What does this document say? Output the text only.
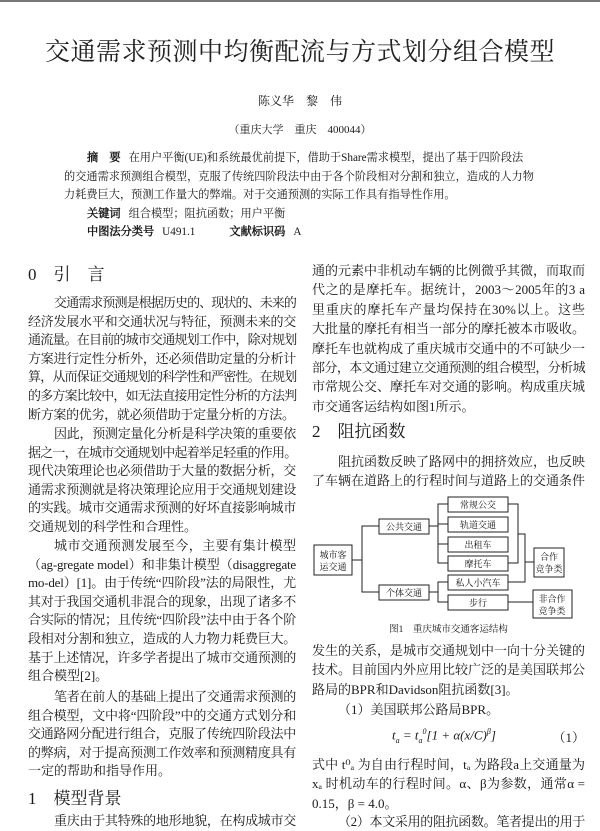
交通需求预测中均衡配流与方式划分组合模型
陈义华　黎　伟
（重庆大学　重庆　400044）
摘　要 在用户平衡(UE)和系统最优前提下，借助于Share需求模型，提出了基于四阶段法
的交通需求预测组合模型，克服了传统四阶段法中由于各个阶段相对分割和独立，造成的人力物
力耗费巨大，预测工作量大的弊端。对于交通预测的实际工作具有指导性作用。
关键词 组合模型；阻抗函数；用户平衡
中图法分类号 U491.1	文献标识码 A
0　引　言
交通需求预测是根据历史的、现状的、未来的
经济发展水平和交通状况与特征，预测未来的交
通流量。在目前的城市交通规划工作中，除对规划
方案进行定性分析外，还必须借助定量的分析计
算，从而保证交通规划的科学性和严密性。在规划
的多方案比较中，如无法直接用定性分析的方法判
断方案的优劣，就必须借助于定量分析的方法。
因此，预测定量化分析是科学决策的重要依
据之一，在城市交通规划中起着举足轻重的作用。
现代决策理论也必须借助于大量的数据分析，交
通需求预测就是将决策理论应用于交通规划建设
的实践。城市交通需求预测的好坏直接影响城市
交通规划的科学性和合理性。
城市交通预测发展至今，主要有集计模型
（ag-gregate model）和非集计模型（disaggregate
mo-del）[1]。由于传统“四阶段”法的局限性，尤
其对于我国交通机非混合的现象，出现了诸多不
合实际的情况；且传统“四阶段”法中由于各个阶
段相对分割和独立，造成的人力物力耗费巨大。
基于上述情况，许多学者提出了城市交通预测的
组合模型[2]。
笔者在前人的基础上提出了交通需求预测的
组合模型，文中将“四阶段”中的交通方式划分和
交通路网分配进行组合，克服了传统四阶段法中
的弊病，对于提高预测工作效率和预测精度具有
一定的帮助和指导作用。
1　模型背景
重庆由于其特殊的地形地貌，在构成城市交
通的元素中非机动车辆的比例微乎其微，而取而
代之的是摩托车。据统计，2003～2005年的3 a
里重庆的摩托车产量均保持在30%以上。这些
大批量的摩托有相当一部分的摩托被本市吸收。
摩托车也就构成了重庆城市交通中的不可缺少一
部分，本文通过建立交通预测的组合模型，分析城
市常规公交、摩托车对交通的影响。构成重庆城
市交通客运结构如图1所示。
2　阻抗函数
阻抗函数反映了路网中的拥挤效应，也反映
了车辆在道路上的行程时间与道路上的交通条件
发生的关系，是城市交通规划中一向十分关键的
技术。目前国内外应用比较广泛的是美国联邦公
路局的BPR和Davidson阻抗函数[3]。
（1）美国联邦公路局BPR。
式中 t⁰ₐ 为自由行程时间，tₐ 为路段a上交通量为
xₐ 时机动车的行程时间。α、β为参数，通常α =
0.15，β = 4.0。
（2）本文采用的阻抗函数。笔者提出的用于
城市客
运交通
公共交通
个体交通
常规公交
轨道交通
出租车
摩托车
私人小汽车
步行
合作
竞争类
非合作
竞争类
图1　重庆城市交通客运结构
$t_a = t_a^0[1 + \alpha(x/C)^\beta]$	（1）
